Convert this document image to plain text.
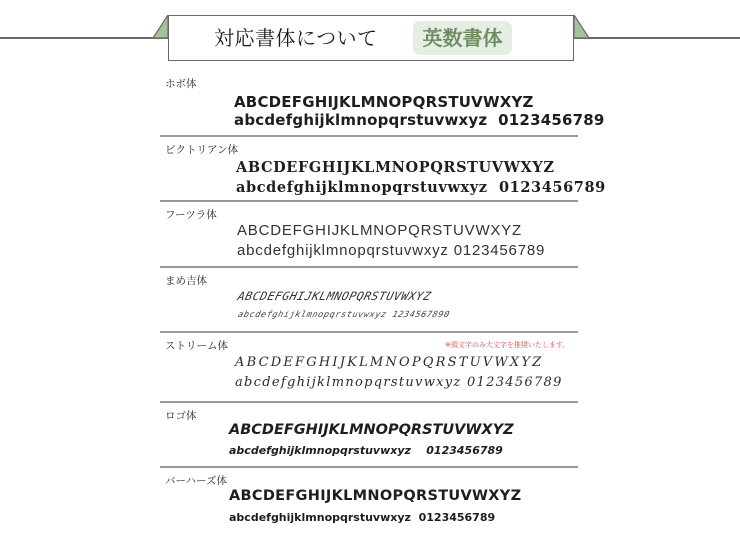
対応書体について	英数書体
ホボ体
ABCDEFGHIJKLMNOPQRSTUVWXYZ
abcdefghijklmnopqrstuvwxyz 0123456789
ビクトリアン体
ABCDEFGHIJKLMNOPQRSTUVWXYZ
abcdefghijklmnopqrstuvwxyz 0123456789
フーツラ体
ABCDEFGHIJKLMNOPQRSTUVWXYZ
abcdefghijklmnopqrstuvwxyz 0123456789
まめ吉体
ABCDEFGHIJKLMNOPQRSTUVWXYZ
abcdefghijklmnopqrstuvwxyz 1234567890
ストリーム体	※頭文字のみ大文字を推奨いたします。
ABCDEFGHIJKLMNOPQRSTUVWXYZ
abcdefghijklmnopqrstuvwxyz 0123456789
ロゴ体
ABCDEFGHIJKLMNOPQRSTUVWXYZ
abcdefghijklmnopqrstuvwxyz 0123456789
バーハーズ体
ABCDEFGHIJKLMNOPQRSTUVWXYZ
abcdefghijklmnopqrstuvwxyz 0123456789
